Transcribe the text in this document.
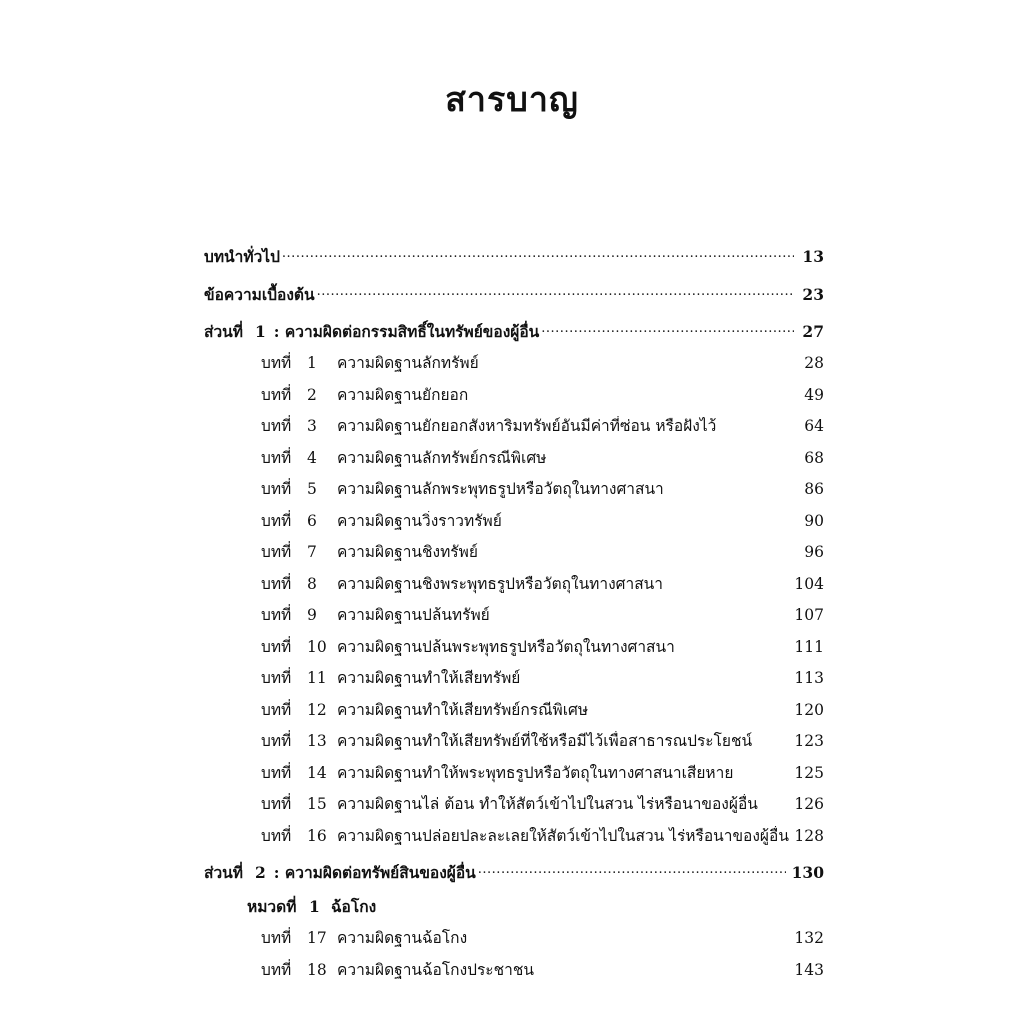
สารบาญ
บทนำทั่วไป .....	13
ข้อความเบื้องต้น .....	23
ส่วนที่ 1 : ความผิดต่อกรรมสิทธิ์ในทรัพย์ของผู้อื่น .....	27
บทที่	1	ความผิดฐานลักทรัพย์	28
บทที่	2	ความผิดฐานยักยอก	49
บทที่	3	ความผิดฐานยักยอกสังหาริมทรัพย์อันมีค่าที่ซ่อน หรือฝังไว้	64
บทที่	4	ความผิดฐานลักทรัพย์กรณีพิเศษ	68
บทที่	5	ความผิดฐานลักพระพุทธรูปหรือวัตถุในทางศาสนา	86
บทที่	6	ความผิดฐานวิ่งราวทรัพย์	90
บทที่	7	ความผิดฐานชิงทรัพย์	96
บทที่	8	ความผิดฐานชิงพระพุทธรูปหรือวัตถุในทางศาสนา	104
บทที่	9	ความผิดฐานปล้นทรัพย์	107
บทที่	10 ความผิดฐานปล้นพระพุทธรูปหรือวัตถุในทางศาสนา	111
บทที่	11 ความผิดฐานทำให้เสียทรัพย์	113
บทที่	12 ความผิดฐานทำให้เสียทรัพย์กรณีพิเศษ	120
บทที่	13 ความผิดฐานทำให้เสียทรัพย์ที่ใช้หรือมีไว้เพื่อสาธารณประโยชน์	123
บทที่	14 ความผิดฐานทำให้พระพุทธรูปหรือวัตถุในทางศาสนาเสียหาย	125
บทที่	15 ความผิดฐานไล่ ต้อน ทำให้สัตว์เข้าไปในสวน ไร่หรือนาของผู้อื่น	126
บทที่	16 ความผิดฐานปล่อยปละละเลยให้สัตว์เข้าไปในสวน ไร่หรือนาของผู้อื่น 128
ส่วนที่ 2 : ความผิดต่อทรัพย์สินของผู้อื่น .....	130
หมวดที่ 1 ฉ้อโกง
บทที่	17 ความผิดฐานฉ้อโกง	132
บทที่	18 ความผิดฐานฉ้อโกงประชาชน	143
